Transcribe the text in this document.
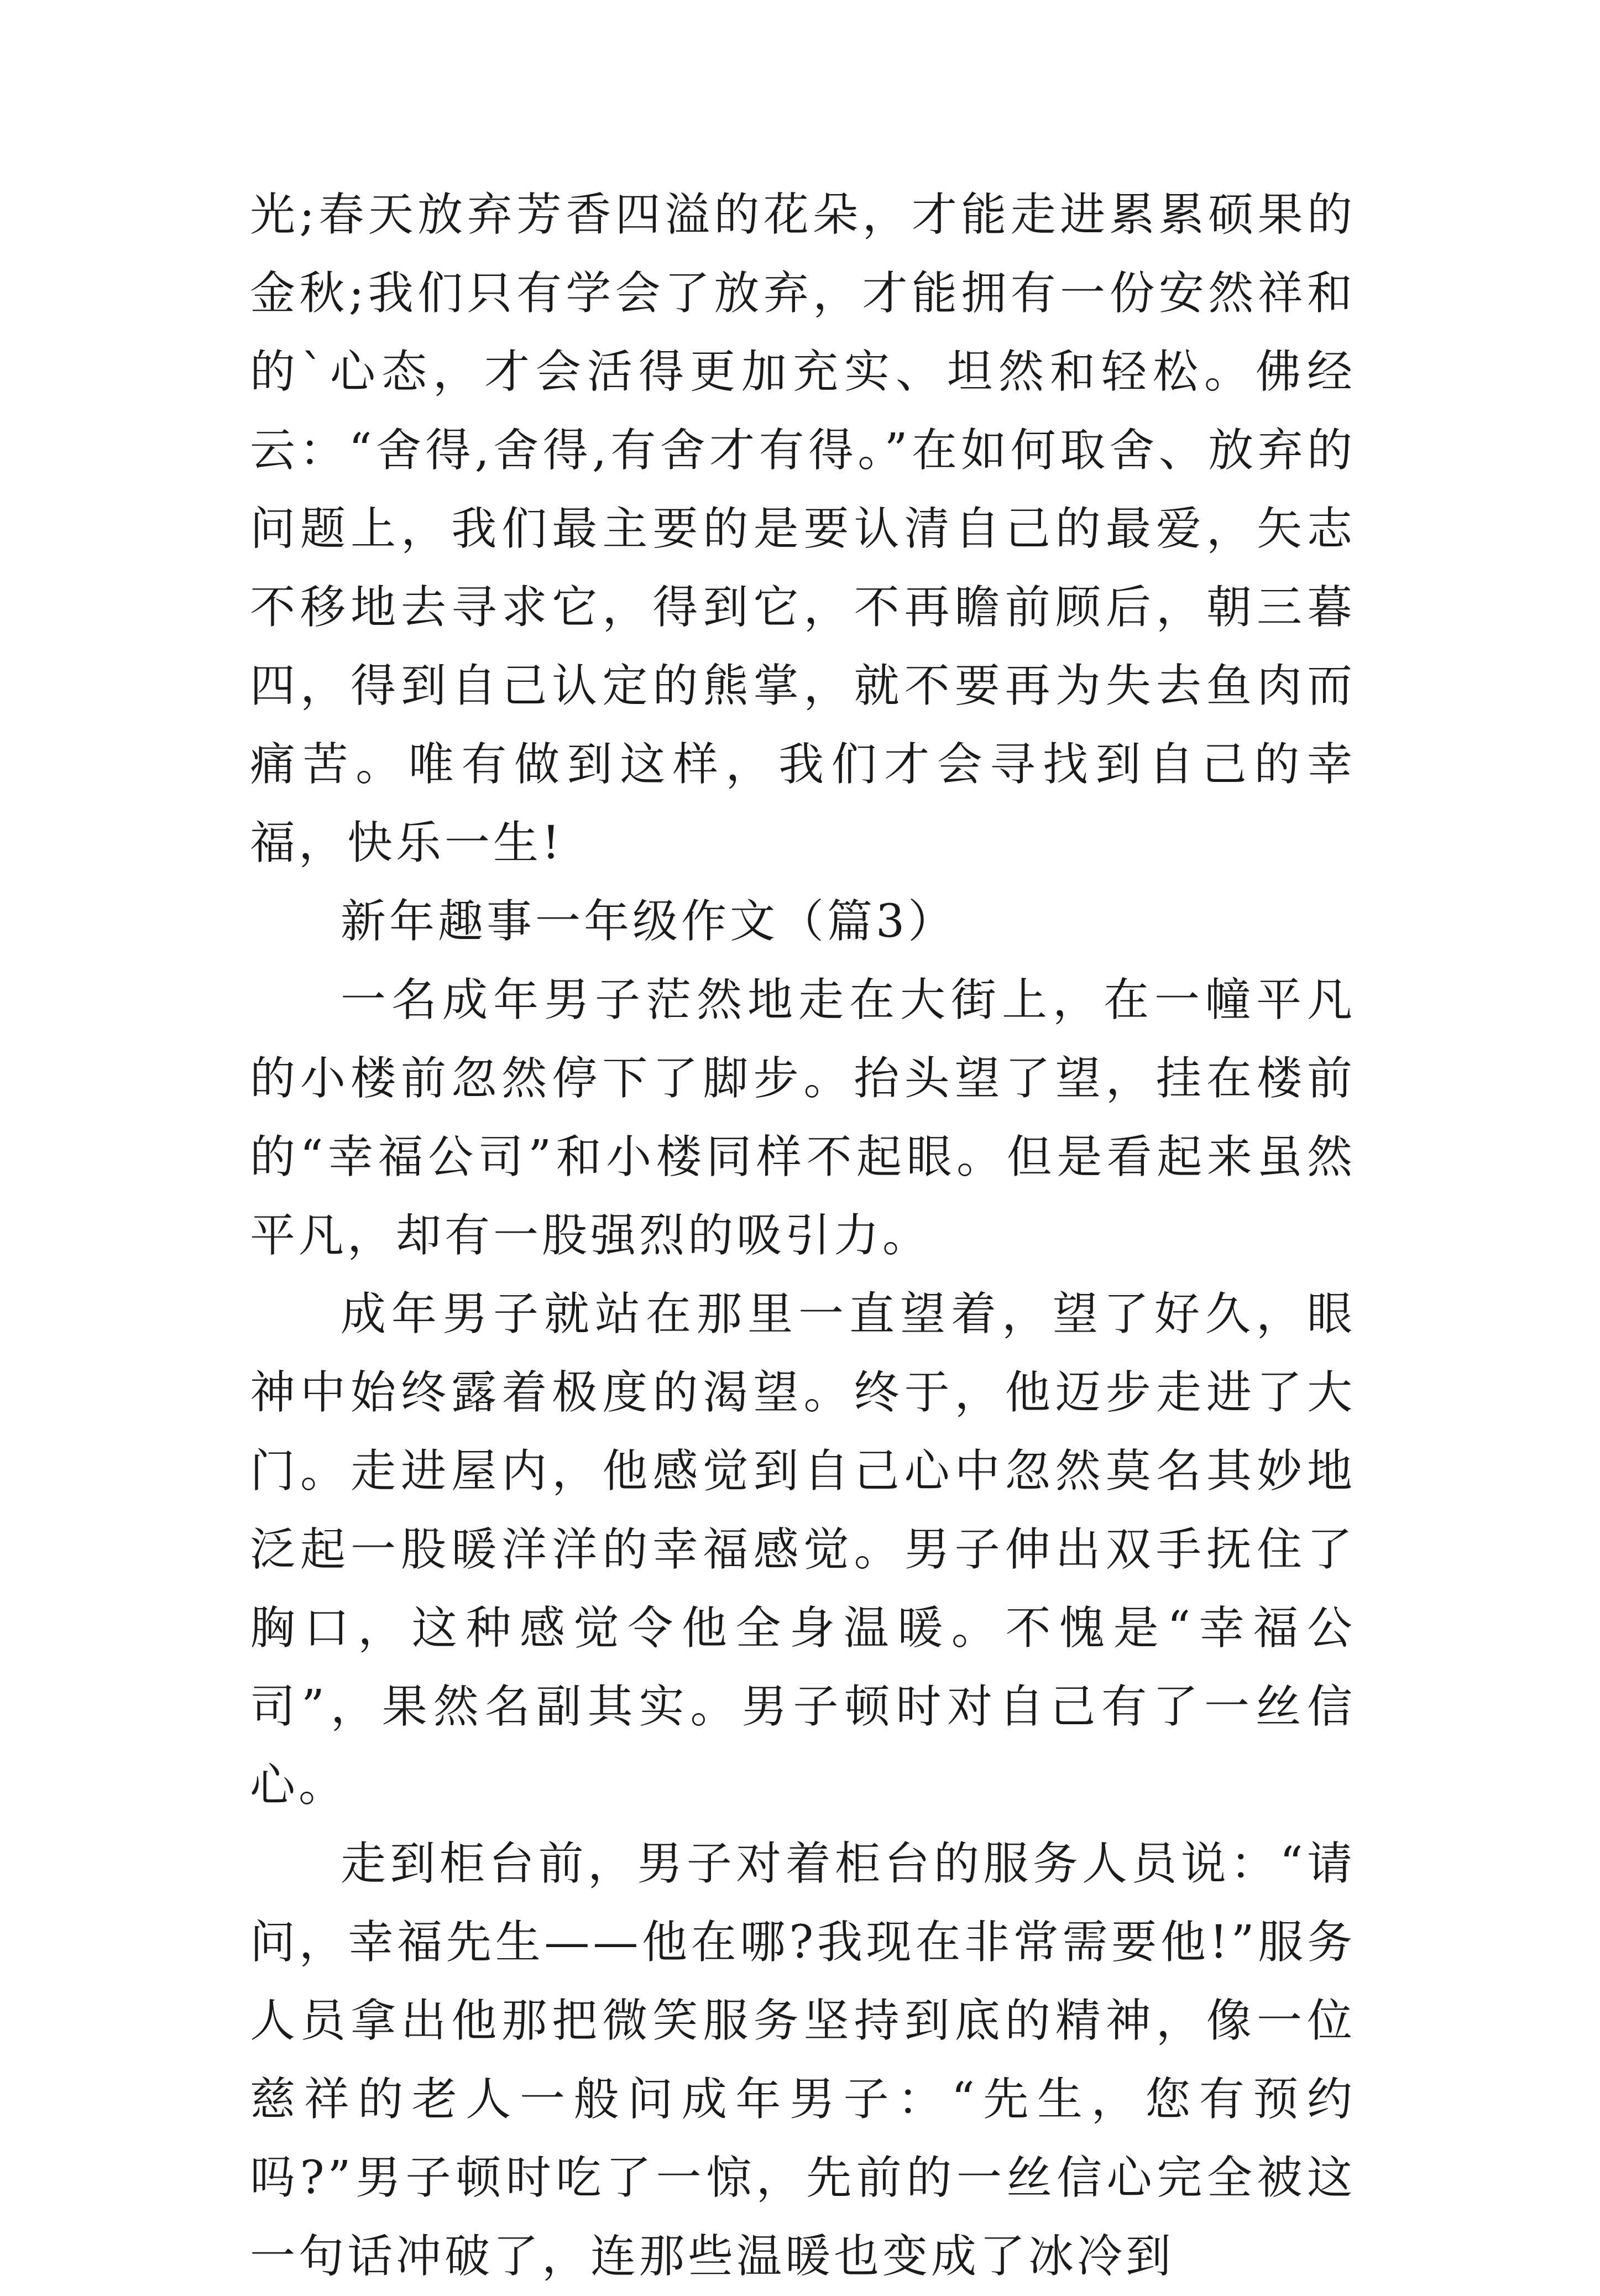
光;春天放弃芳香四溢的花朵，才能走进累累硕果的金秋;我们只有学会了放弃，才能拥有一份安然祥和的`心态，才会活得更加充实、坦然和轻松。佛经云：“舍得,舍得,有舍才有得。”在如何取舍、放弃的问题上，我们最主要的是要认清自己的最爱，矢志不移地去寻求它，得到它，不再瞻前顾后，朝三暮四，得到自己认定的熊掌，就不要再为失去鱼肉而痛苦。唯有做到这样，我们才会寻找到自己的幸福，快乐一生!

新年趣事一年级作文（篇3）

一名成年男子茫然地走在大街上，在一幢平凡的小楼前忽然停下了脚步。抬头望了望，挂在楼前的“幸福公司”和小楼同样不起眼。但是看起来虽然平凡，却有一股强烈的吸引力。

成年男子就站在那里一直望着，望了好久，眼神中始终露着极度的渴望。终于，他迈步走进了大门。走进屋内，他感觉到自己心中忽然莫名其妙地泛起一股暖洋洋的幸福感觉。男子伸出双手抚住了胸口，这种感觉令他全身温暖。不愧是“幸福公司”，果然名副其实。男子顿时对自己有了一丝信心。

走到柜台前，男子对着柜台的服务人员说：“请问，幸福先生——他在哪?我现在非常需要他!”服务人员拿出他那把微笑服务坚持到底的精神，像一位慈祥的老人一般问成年男子：“先生，您有预约吗?”男子顿时吃了一惊，先前的一丝信心完全被这一句话冲破了，连那些温暖也变成了冰冷到
